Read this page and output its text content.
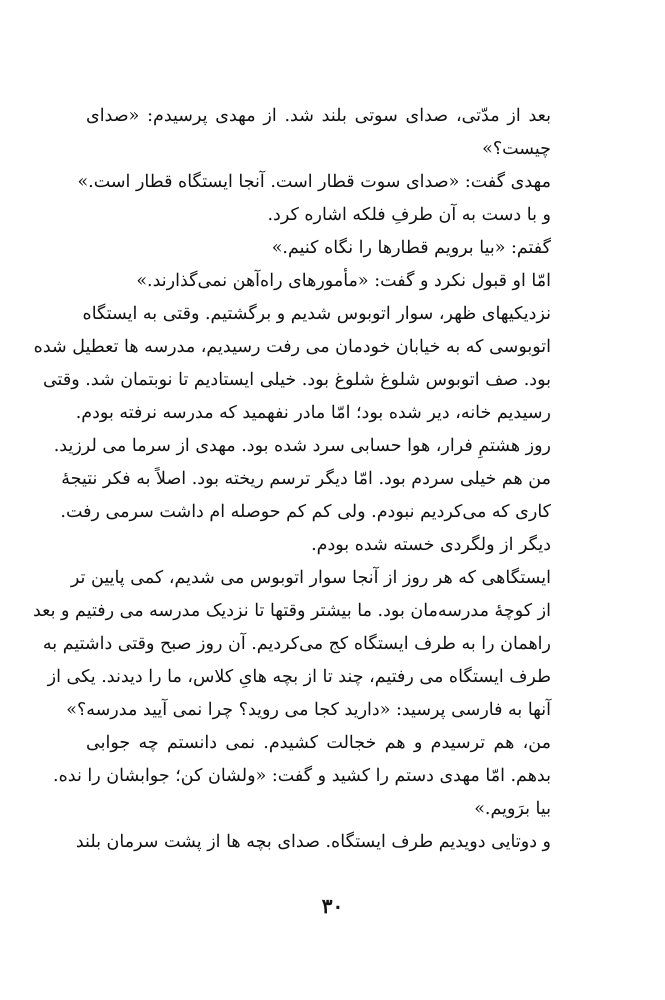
بعد از مدّتی، صدای سوتی بلند شد. از مهدی پرسیدم: «صدای
چیست؟»
مهدی گفت: «صدای سوت قطار است. آنجا ایستگاه قطار است.»
و با دست به آن طرفِ فلکه اشاره کرد.
گفتم: «بیا برویم قطارها را نگاه کنیم.»
امّا او قبول نکرد و گفت: «مأمورهای راه‌آهن نمی‌گذارند.»
نزدیکیهای ظهر، سوار اتوبوس شدیم و برگشتیم. وقتی به ایستگاه
اتوبوسی که به خیابان خودمان می رفت رسیدیم، مدرسه ها تعطیل شده
بود. صف اتوبوس شلوغ شلوغ بود. خیلی ایستادیم تا نوبتمان شد. وقتی
رسیدیم خانه، دیر شده بود؛ امّا مادر نفهمید که مدرسه نرفته بودم.
روز هشتمِ فرار، هوا حسابی سرد شده بود. مهدی از سرما می لرزید.
من هم خیلی سردم بود. امّا دیگر ترسم ریخته بود. اصلاً به فکر نتیجهٔ
کاری که می‌کردیم نبودم. ولی کم کم حوصله ام داشت سرمی رفت.
دیگر از ولگردی خسته شده بودم.
ایستگاهی که هر روز از آنجا سوار اتوبوس می شدیم، کمی پایین تر
از کوچهٔ مدرسه‌مان بود. ما بیشتر وقتها تا نزدیک مدرسه می رفتیم و بعد
راهمان را به طرف ایستگاه کج می‌کردیم. آن روز صبح وقتی داشتیم به
طرف ایستگاه می رفتیم، چند تا از بچه هایِ کلاس، ما را دیدند. یکی از
آنها به فارسی پرسید: «دارید کجا می روید؟ چرا نمی آیید مدرسه؟»
من، هم ترسیدم و هم خجالت کشیدم. نمی دانستم چه جوابی
بدهم. امّا مهدی دستم را کشید و گفت: «ولشان کن؛ جوابشان را نده.
بیا برَویم.»
و دوتایی دویدیم طرف ایستگاه. صدای بچه ها از پشت سرمان بلند
۳۰
